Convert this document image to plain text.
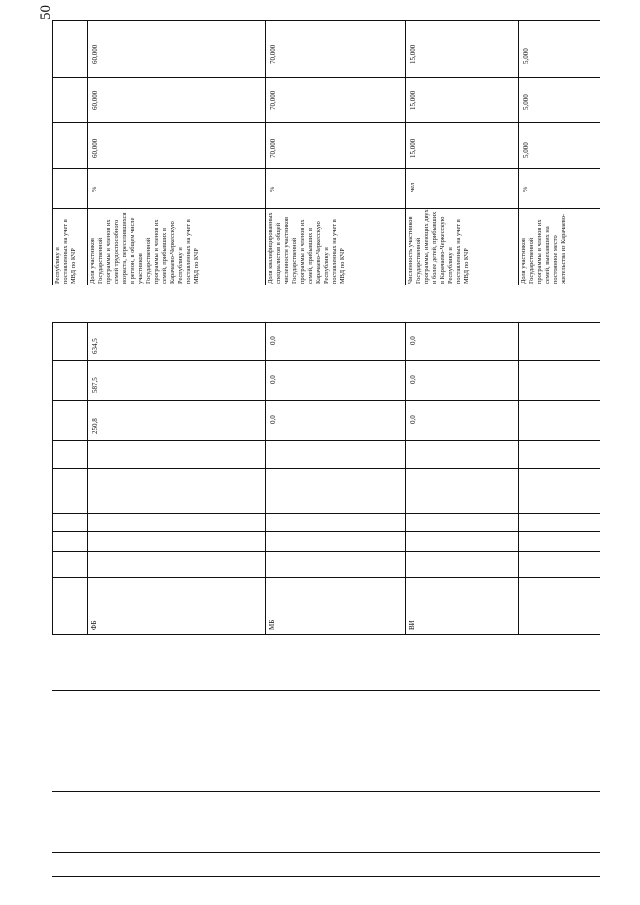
50
Республику и поставленных на учет в МВД по КЧР Доля участников Государственной программы и членов их семей трудоспособного возраста, переселившихся в регион, в общем числе участников Государственной программы и членов их семей, прибывших в Карачаево-Черкесскую Республику и поставленных на учет в МВД по КЧР
%
60,000
60,000
60,000
Доля квалифицированных специалистов в общей численности участников Государственной программы и членов их семей, прибывших в Карачаево-Черкесскую Республику и поставленных на учет в МВД по КЧР
%
70,000
70,000
70,000
Численность участников Государственной программы, имеющих двух и более детей, прибывших в Карачаево-Черкесскую Республику и поставленных на учет в МВД по КЧР
чел
15,000
15,000
15,000
Доля участников Государственной программы и членов их семей, выехавших на постоянное место жительства из Карачаево-
%
5,000
5,000
5,000
ФБ
250,8
587,5
634,5
МБ
0,0
0,0
0,0
ВИ
0,0
0,0
0,0
